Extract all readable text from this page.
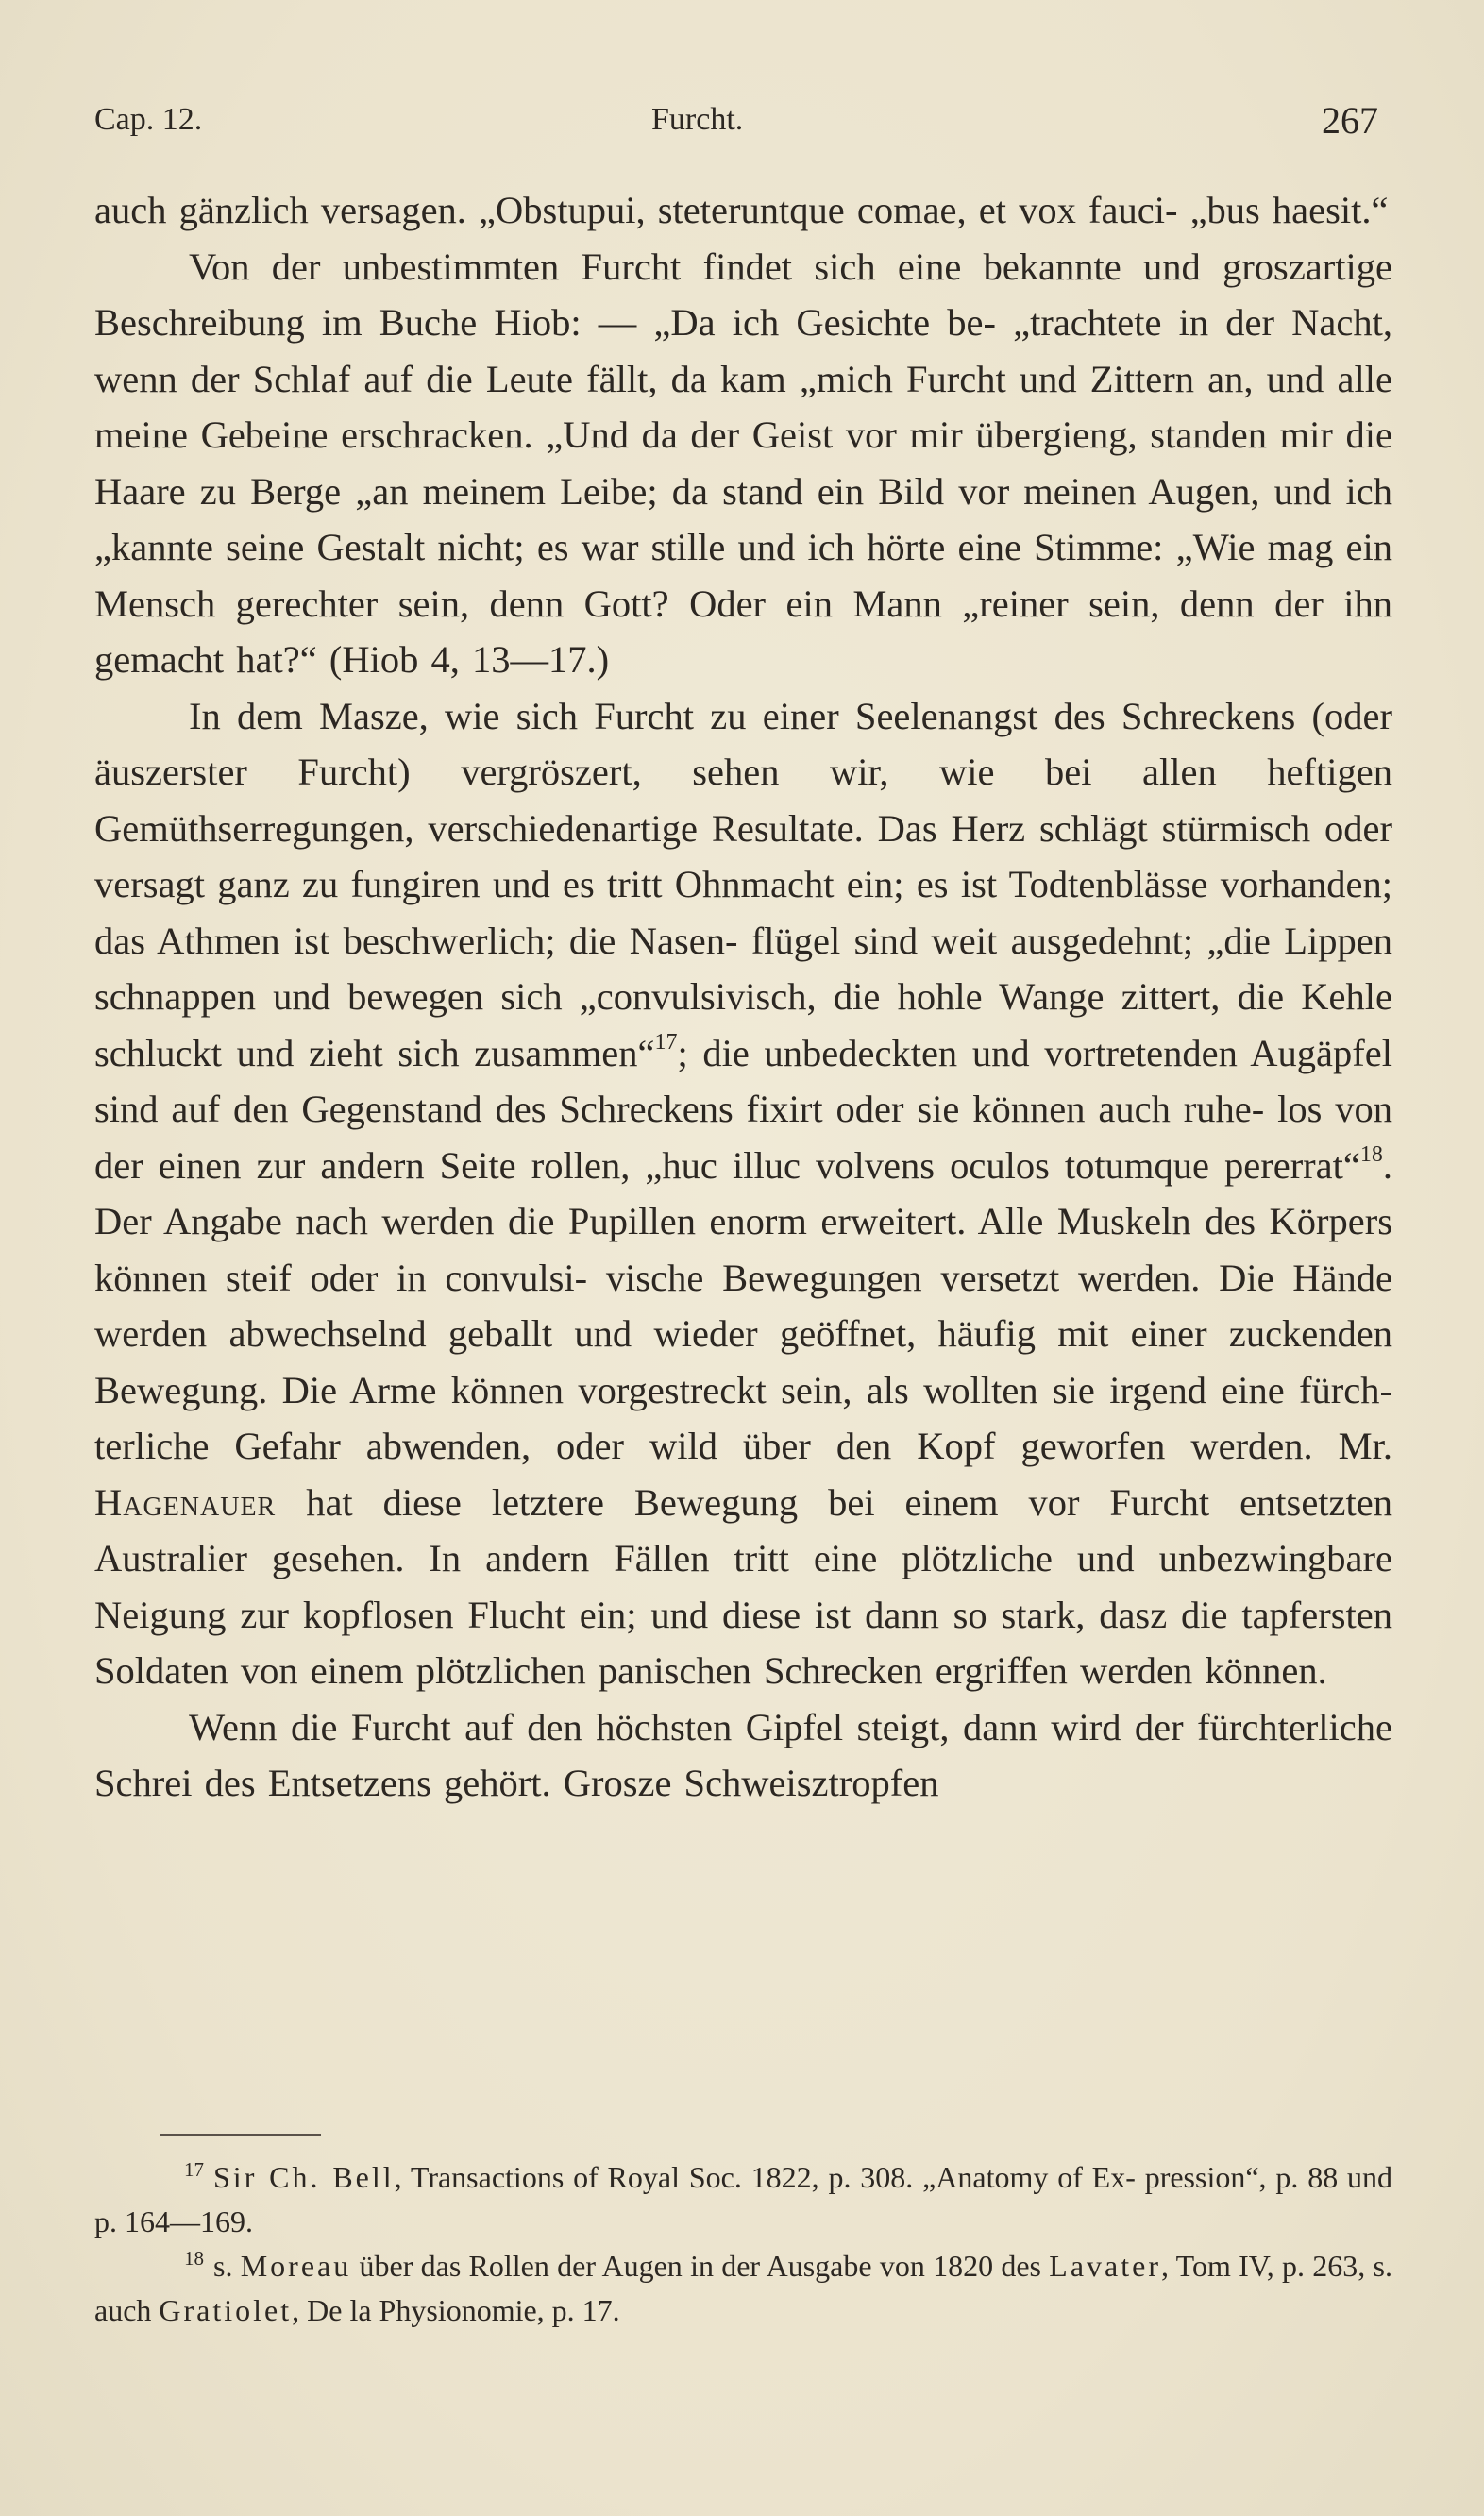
Cap. 12.	Furcht.	267

auch gänzlich versagen. „Obstupui, steteruntque comae, et vox fauci- „bus haesit.“

Von der unbestimmten Furcht findet sich eine bekannte und groszartige Beschreibung im Buche Hiob: — „Da ich Gesichte be- „trachtete in der Nacht, wenn der Schlaf auf die Leute fällt, da kam „mich Furcht und Zittern an, und alle meine Gebeine erschracken. „Und da der Geist vor mir übergieng, standen mir die Haare zu Berge „an meinem Leibe; da stand ein Bild vor meinen Augen, und ich „kannte seine Gestalt nicht; es war stille und ich hörte eine Stimme: „Wie mag ein Mensch gerechter sein, denn Gott? Oder ein Mann „reiner sein, denn der ihn gemacht hat?“ (Hiob 4, 13—17.)

In dem Masze, wie sich Furcht zu einer Seelenangst des Schreckens (oder äuszerster Furcht) vergröszert, sehen wir, wie bei allen heftigen Gemüthserregungen, verschiedenartige Resultate. Das Herz schlägt stürmisch oder versagt ganz zu fungiren und es tritt Ohnmacht ein; es ist Todtenblässe vorhanden; das Athmen ist beschwerlich; die Nasen- flügel sind weit ausgedehnt; „die Lippen schnappen und bewegen sich „convulsivisch, die hohle Wange zittert, die Kehle schluckt und zieht sich zusammen“$^{17}$; die unbedeckten und vortretenden Augäpfel sind auf den Gegenstand des Schreckens fixirt oder sie können auch ruhe- los von der einen zur andern Seite rollen, „huc illuc volvens oculos totumque pererrat“$^{18}$. Der Angabe nach werden die Pupillen enorm erweitert. Alle Muskeln des Körpers können steif oder in convulsi- vische Bewegungen versetzt werden. Die Hände werden abwechselnd geballt und wieder geöffnet, häufig mit einer zuckenden Bewegung. Die Arme können vorgestreckt sein, als wollten sie irgend eine fürch- terliche Gefahr abwenden, oder wild über den Kopf geworfen werden. Mr. Hagenauer hat diese letztere Bewegung bei einem vor Furcht entsetzten Australier gesehen. In andern Fällen tritt eine plötzliche und unbezwingbare Neigung zur kopflosen Flucht ein; und diese ist dann so stark, dasz die tapfersten Soldaten von einem plötzlichen panischen Schrecken ergriffen werden können.

Wenn die Furcht auf den höchsten Gipfel steigt, dann wird der fürchterliche Schrei des Entsetzens gehört. Grosze Schweisztropfen

$^{17}$ Sir Ch. Bell, Transactions of Royal Soc. 1822, p. 308. „Anatomy of Ex- pression“, p. 88 und p. 164—169.

$^{18}$ s. Moreau über das Rollen der Augen in der Ausgabe von 1820 des Lavater, Tom IV, p. 263, s. auch Gratiolet, De la Physionomie, p. 17.
